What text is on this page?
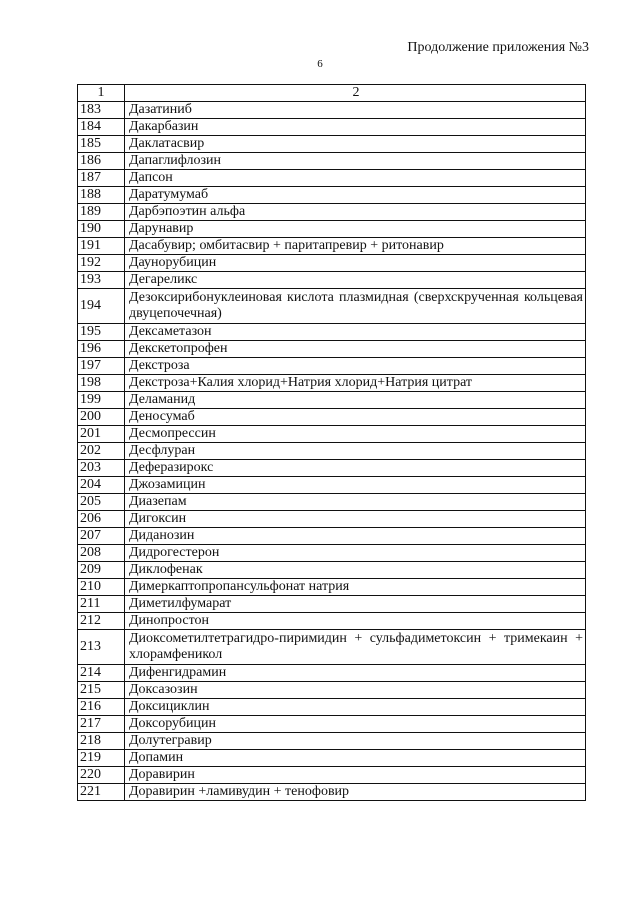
Продолжение приложения №3
6
1	2
183	Дазатиниб
184	Дакарбазин
185	Даклатасвир
186	Дапаглифлозин
187	Дапсон
188	Даратумумаб
189	Дарбэпоэтин альфа
190	Дарунавир
191	Дасабувир; омбитасвир + паритапревир + ритонавир
192	Даунорубицин
193	Дегареликс
194	Дезоксирибонуклеиновая кислота плазмидная (сверхскрученная кольцевая двуцепочечная)
195	Дексаметазон
196	Декскетопрофен
197	Декстроза
198	Декстроза+Калия хлорид+Натрия хлорид+Натрия цитрат
199	Деламанид
200	Деносумаб
201	Десмопрессин
202	Десфлуран
203	Деферазирокс
204	Джозамицин
205	Диазепам
206	Дигоксин
207	Диданозин
208	Дидрогестерон
209	Диклофенак
210	Димеркаптопропансульфонат натрия
211	Диметилфумарат
212	Динопростон
213	Диоксометилтетрагидро-пиримидин + сульфадиметоксин + тримекаин + хлорамфеникол
214	Дифенгидрамин
215	Доксазозин
216	Доксициклин
217	Доксорубицин
218	Долутегравир
219	Допамин
220	Доравирин
221	Доравирин +ламивудин + тенофовир
